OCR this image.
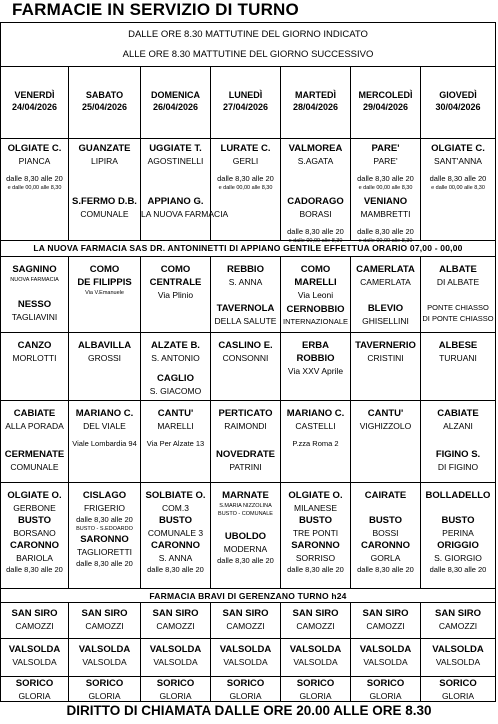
FARMACIE IN SERVIZIO DI TURNO
DALLE ORE 8.30 MATTUTINE DEL GIORNO INDICATO
ALLE ORE 8.30 MATTUTINE DEL GIORNO SUCCESSIVO
VENERDÌ
24/04/2026
SABATO
25/04/2026
DOMENICA
26/04/2026
LUNEDÌ
27/04/2026
MARTEDÌ
28/04/2026
MERCOLEDÌ
29/04/2026
GIOVEDÌ
30/04/2026
OLGIATE C.
PIANCA
dalle 8,30 alle 20
e dalle 00,00 alle 8,30
GUANZATE
LIPIRA
S.FERMO D.B.
COMUNALE
UGGIATE T.
AGOSTINELLI
APPIANO G.
LA NUOVA FARMACIA
LURATE C.
GERLI
dalle 8,30 alle 20
e dalle 00,00 alle 8,30
VALMOREA
S.AGATA
CADORAGO
BORASI
dalle 8,30 alle 20
e dalle 00,00 alle 8,30
PARE'
PARE'
dalle 8,30 alle 20
e dalle 00,00 alle 8,30
VENIANO
MAMBRETTI
dalle 8,30 alle 20
e dalle 00,00 alle 8,30
OLGIATE C.
SANT'ANNA
dalle 8,30 alle 20
e dalle 00,00 alle 8,30
LA NUOVA FARMACIA SAS DR. ANTONINETTI DI APPIANO GENTILE EFFETTUA ORARIO 07,00 - 00,00
SAGNINO
NUOVA FARMACIA
NESSO
TAGLIAVINI
COMO
DE FILIPPIS
Via V.Emanuele
COMO
CENTRALE
Via Plinio
REBBIO
S. ANNA
TAVERNOLA
DELLA SALUTE
COMO
MARELLI
Via Leoni
CERNOBBIO
INTERNAZIONALE
CAMERLATA
CAMERLATA
BLEVIO
GHISELLINI
ALBATE
DI ALBATE
PONTE CHIASSO
DI PONTE CHIASSO
CANZO
MORLOTTI
ALBAVILLA
GROSSI
ALZATE B.
S. ANTONIO
CAGLIO
S. GIACOMO
CASLINO E.
CONSONNI
ERBA
ROBBIO
Via XXV Aprile
TAVERNERIO
CRISTINI
ALBESE
TURUANI
CABIATE
ALLA PORADA
CERMENATE
COMUNALE
MARIANO C.
DEL VIALE
Viale Lombardia 94
CANTU'
MARELLI
Via Per Alzate 13
PERTICATO
RAIMONDI
NOVEDRATE
PATRINI
MARIANO C.
CASTELLI
P.zza Roma 2
CANTU'
VIGHIZZOLO
CABIATE
ALZANI
FIGINO S.
DI FIGINO
OLGIATE O.
GERBONE
BUSTO
BORSANO
CARONNO
BARIOLA
dalle 8,30 alle 20
CISLAGO
FRIGERIO
dalle 8,30 alle 20
BUSTO - S.EDOARDO
SARONNO
TAGLIORETTI
dalle 8,30 alle 20
SOLBIATE O.
COM.3
BUSTO
COMUNALE 3
CARONNO
S. ANNA
dalle 8,30 alle 20
MARNATE
S.MARIA NIZZOLINA
BUSTO - COMUNALE
UBOLDO
MODERNA
dalle 8,30 alle 20
OLGIATE O.
MILANESE
BUSTO
TRE PONTI
SARONNO
SORRISO
dalle 8,30 alle 20
CAIRATE
BUSTO
BOSSI
CARONNO
GORLA
dalle 8,30 alle 20
BOLLADELLO
BUSTO
PERINA
ORIGGIO
S. GIORGIO
dalle 8,30 alle 20
FARMACIA BRAVI DI GERENZANO TURNO h24
SAN SIRO
CAMOZZI
SAN SIRO
CAMOZZI
SAN SIRO
CAMOZZI
SAN SIRO
CAMOZZI
SAN SIRO
CAMOZZI
SAN SIRO
CAMOZZI
SAN SIRO
CAMOZZI
VALSOLDA
VALSOLDA
VALSOLDA
VALSOLDA
VALSOLDA
VALSOLDA
VALSOLDA
VALSOLDA
VALSOLDA
VALSOLDA
VALSOLDA
VALSOLDA
VALSOLDA
VALSOLDA
SORICO
GLORIA
SORICO
GLORIA
SORICO
GLORIA
SORICO
GLORIA
SORICO
GLORIA
SORICO
GLORIA
SORICO
GLORIA
DIRITTO DI CHIAMATA DALLE ORE 20.00 ALLE ORE 8.30
